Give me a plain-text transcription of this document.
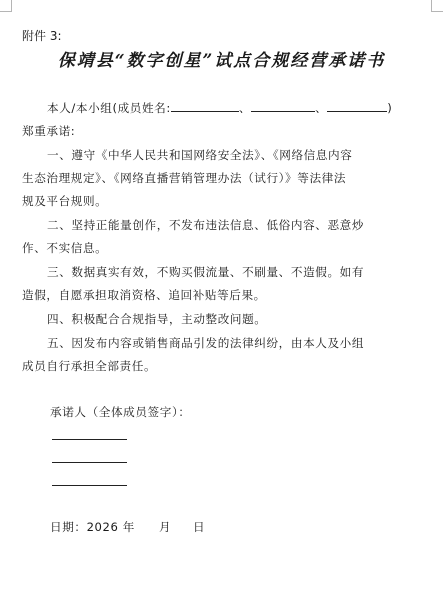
附件 3:
保靖县“数字创星”试点合规经营承诺书
本人/本小组(成员姓名:	、	、	)
郑重承诺:
一、遵守《中华人民共和国网络安全法》、《网络信息内容
生态治理规定》、《网络直播营销管理办法（试行）》等法律法
规及平台规则。
二、坚持正能量创作，不发布违法信息、低俗内容、恶意炒
作、不实信息。
三、数据真实有效，不购买假流量、不刷量、不造假。如有
造假，自愿承担取消资格、追回补贴等后果。
四、积极配合合规指导，主动整改问题。
五、因发布内容或销售商品引发的法律纠纷，由本人及小组
成员自行承担全部责任。
承诺人（全体成员签字）：
日期：2026 年 月 日
